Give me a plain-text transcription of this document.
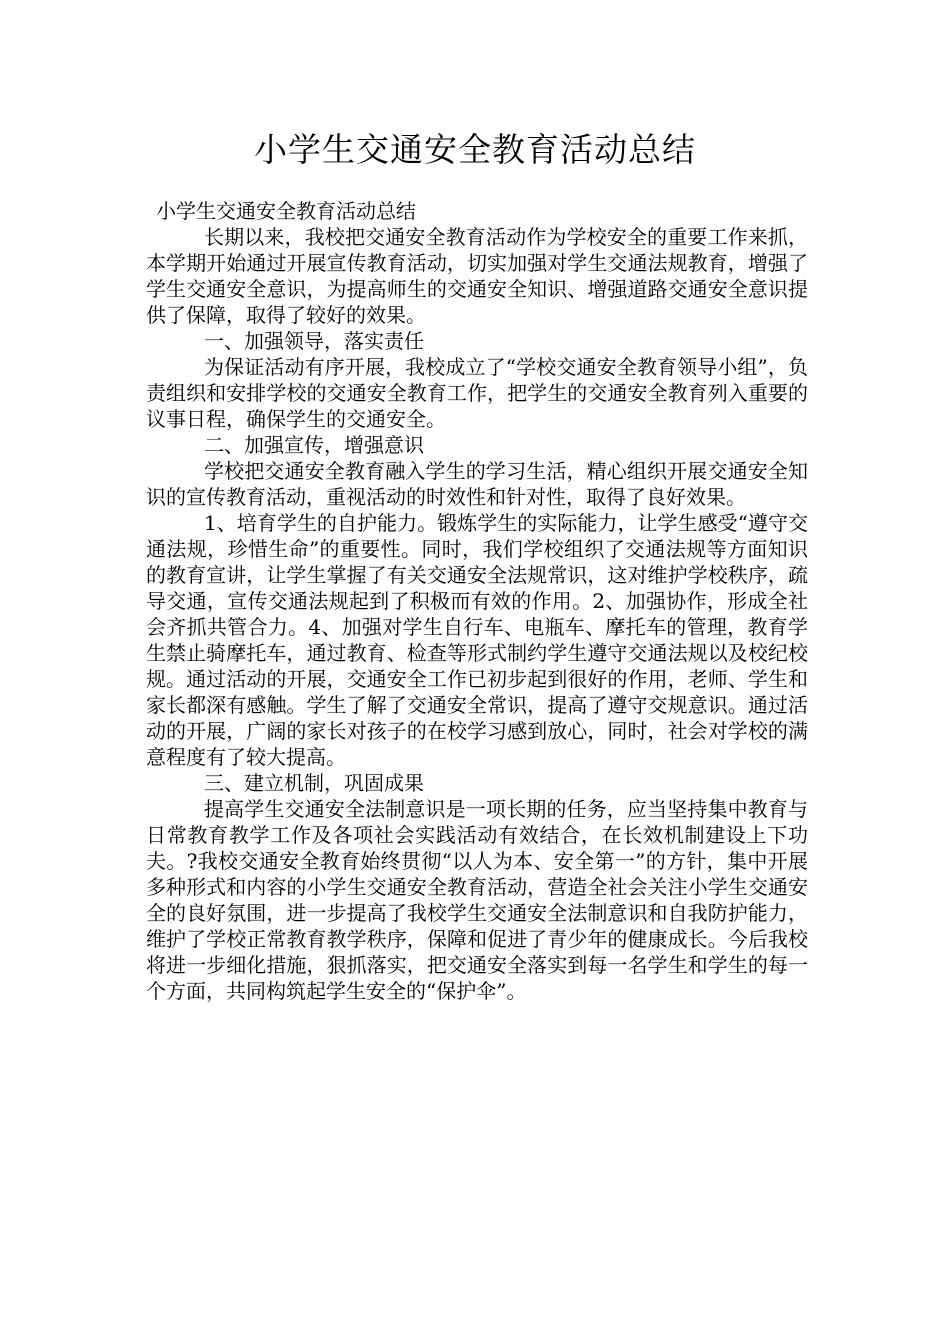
小学生交通安全教育活动总结

小学生交通安全教育活动总结

长期以来，我校把交通安全教育活动作为学校安全的重要工作来抓，本学期开始通过开展宣传教育活动，切实加强对学生交通法规教育，增强了学生交通安全意识，为提高师生的交通安全知识、增强道路交通安全意识提供了保障，取得了较好的效果。

一、加强领导，落实责任

为保证活动有序开展，我校成立了“学校交通安全教育领导小组”，负责组织和安排学校的交通安全教育工作，把学生的交通安全教育列入重要的议事日程，确保学生的交通安全。

二、加强宣传，增强意识

学校把交通安全教育融入学生的学习生活，精心组织开展交通安全知识的宣传教育活动，重视活动的时效性和针对性，取得了良好效果。

1、培育学生的自护能力。锻炼学生的实际能力，让学生感受“遵守交通法规，珍惜生命”的重要性。同时，我们学校组织了交通法规等方面知识的教育宣讲，让学生掌握了有关交通安全法规常识，这对维护学校秩序，疏导交通，宣传交通法规起到了积极而有效的作用。2、加强协作，形成全社会齐抓共管合力。4、加强对学生自行车、电瓶车、摩托车的管理，教育学生禁止骑摩托车，通过教育、检查等形式制约学生遵守交通法规以及校纪校规。通过活动的开展，交通安全工作已初步起到很好的作用，老师、学生和家长都深有感触。学生了解了交通安全常识，提高了遵守交规意识。通过活动的开展，广阔的家长对孩子的在校学习感到放心，同时，社会对学校的满意程度有了较大提高。

三、建立机制，巩固成果

提高学生交通安全法制意识是一项长期的任务，应当坚持集中教育与日常教育教学工作及各项社会实践活动有效结合，在长效机制建设上下功夫。?我校交通安全教育始终贯彻“以人为本、安全第一”的方针，集中开展多种形式和内容的小学生交通安全教育活动，营造全社会关注小学生交通安全的良好氛围，进一步提高了我校学生交通安全法制意识和自我防护能力，维护了学校正常教育教学秩序，保障和促进了青少年的健康成长。今后我校将进一步细化措施，狠抓落实，把交通安全落实到每一名学生和学生的每一个方面，共同构筑起学生安全的“保护伞”。
